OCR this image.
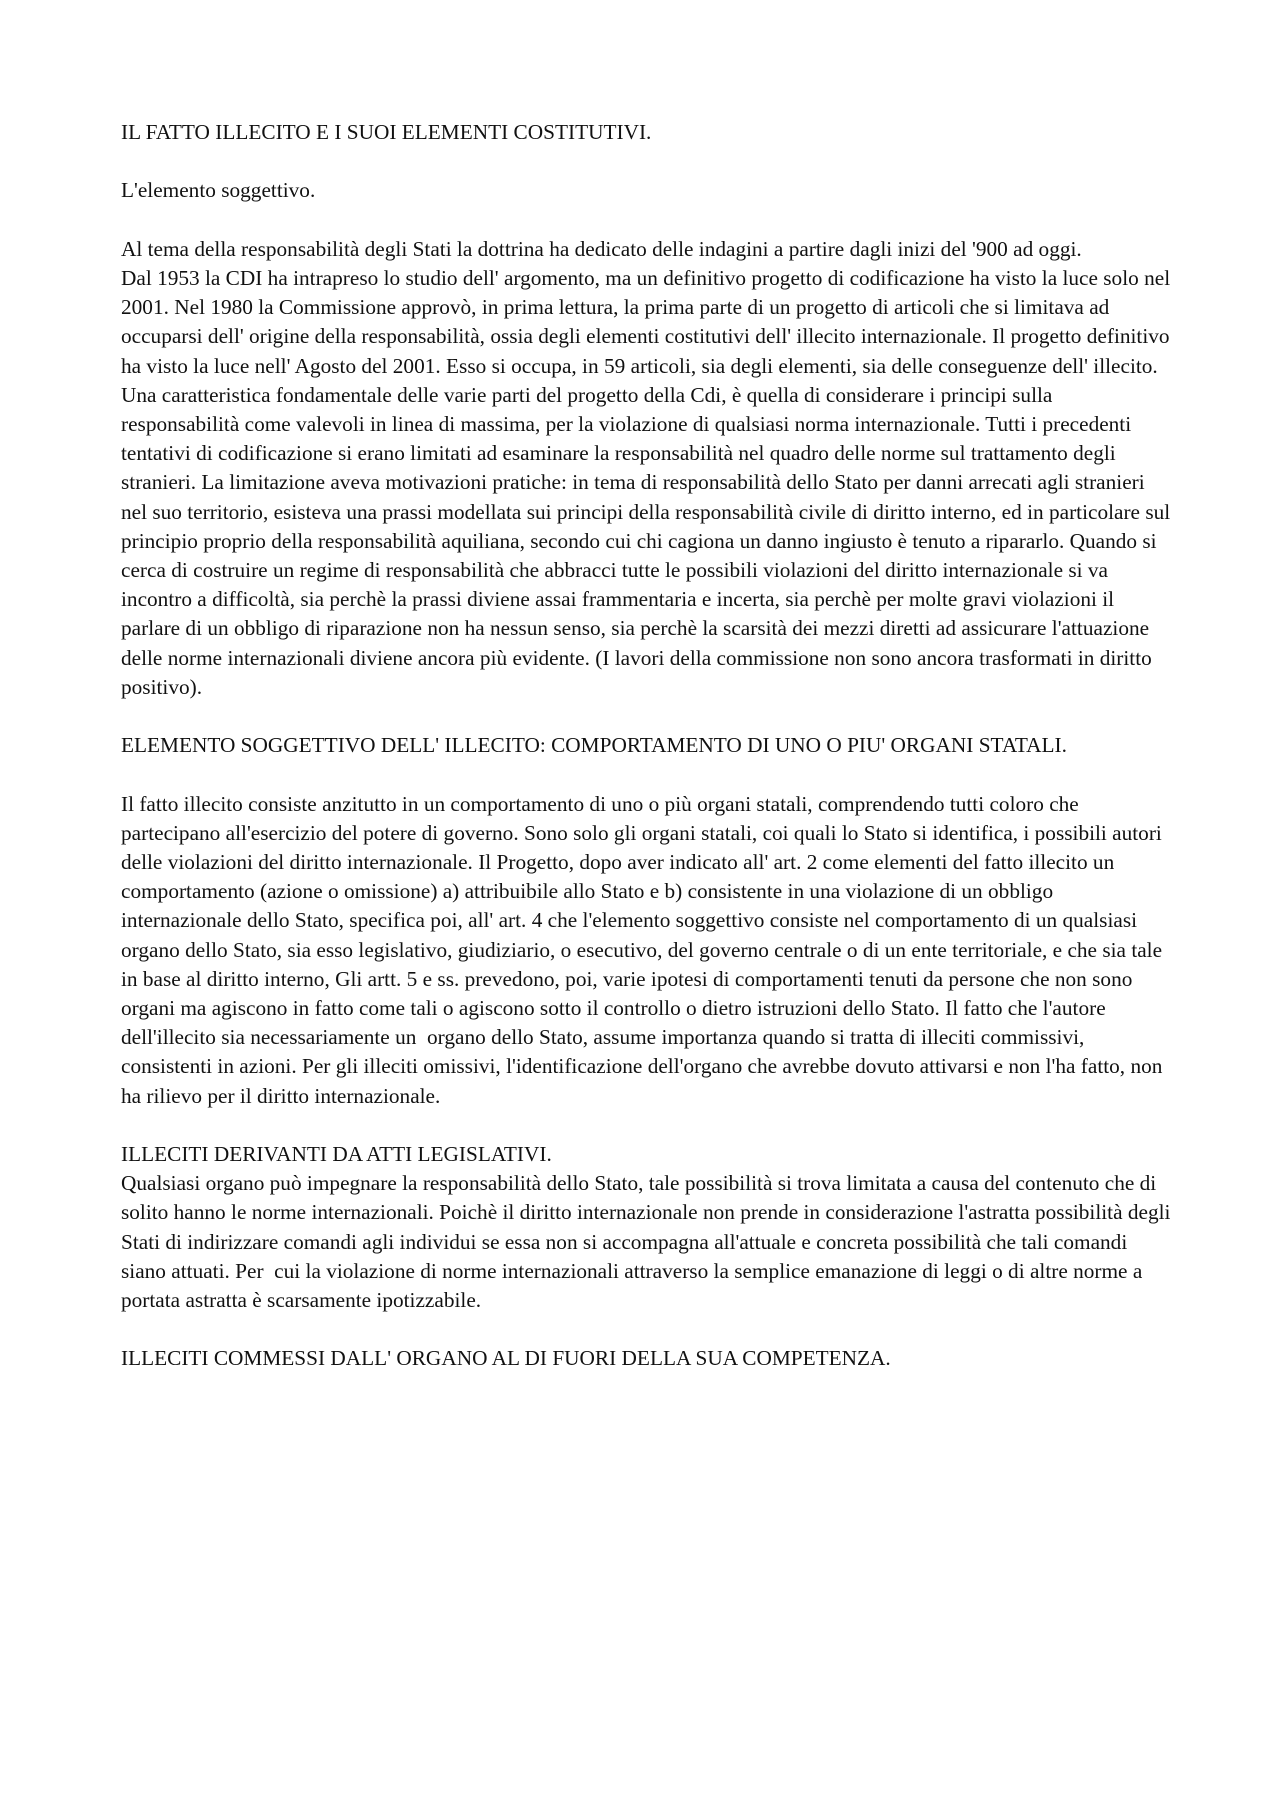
IL FATTO ILLECITO E I SUOI ELEMENTI COSTITUTIVI.

L'elemento soggettivo.

Al tema della responsabilità degli Stati la dottrina ha dedicato delle indagini a partire dagli inizi del '900 ad oggi.

Dal 1953 la CDI ha intrapreso lo studio dell' argomento, ma un definitivo progetto di codificazione ha visto la luce solo nel 2001. Nel 1980 la Commissione approvò, in prima lettura, la prima parte di un progetto di articoli che si limitava ad occuparsi dell' origine della responsabilità, ossia degli elementi costitutivi dell' illecito internazionale. Il progetto definitivo ha visto la luce nell' Agosto del 2001. Esso si occupa, in 59 articoli, sia degli elementi, sia delle conseguenze dell' illecito. Una caratteristica fondamentale delle varie parti del progetto della Cdi, è quella di considerare i principi sulla responsabilità come valevoli in linea di massima, per la violazione di qualsiasi norma internazionale. Tutti i precedenti tentativi di codificazione si erano limitati ad esaminare la responsabilità nel quadro delle norme sul trattamento degli stranieri. La limitazione aveva motivazioni pratiche: in tema di responsabilità dello Stato per danni arrecati agli stranieri nel suo territorio, esisteva una prassi modellata sui principi della responsabilità civile di diritto interno, ed in particolare sul principio proprio della responsabilità aquiliana, secondo cui chi cagiona un danno ingiusto è tenuto a ripararlo. Quando si cerca di costruire un regime di responsabilità che abbracci tutte le possibili violazioni del diritto internazionale si va incontro a difficoltà, sia perchè la prassi diviene assai frammentaria e incerta, sia perchè per molte gravi violazioni il parlare di un obbligo di riparazione non ha nessun senso, sia perchè la scarsità dei mezzi diretti ad assicurare l'attuazione delle norme internazionali diviene ancora più evidente. (I lavori della commissione non sono ancora trasformati in diritto positivo).

ELEMENTO SOGGETTIVO DELL' ILLECITO: COMPORTAMENTO DI UNO O PIU' ORGANI STATALI.

Il fatto illecito consiste anzitutto in un comportamento di uno o più organi statali, comprendendo tutti coloro che partecipano all'esercizio del potere di governo. Sono solo gli organi statali, coi quali lo Stato si identifica, i possibili autori delle violazioni del diritto internazionale. Il Progetto, dopo aver indicato all' art. 2 come elementi del fatto illecito un comportamento (azione o omissione) a) attribuibile allo Stato e b) consistente in una violazione di un obbligo internazionale dello Stato, specifica poi, all' art. 4 che l'elemento soggettivo consiste nel comportamento di un qualsiasi organo dello Stato, sia esso legislativo, giudiziario, o esecutivo, del governo centrale o di un ente territoriale, e che sia tale in base al diritto interno, Gli artt. 5 e ss. prevedono, poi, varie ipotesi di comportamenti tenuti da persone che non sono organi ma agiscono in fatto come tali o agiscono sotto il controllo o dietro istruzioni dello Stato. Il fatto che l'autore dell'illecito sia necessariamente un  organo dello Stato, assume importanza quando si tratta di illeciti commissivi, consistenti in azioni. Per gli illeciti omissivi, l'identificazione dell'organo che avrebbe dovuto attivarsi e non l'ha fatto, non ha rilievo per il diritto internazionale.

ILLECITI DERIVANTI DA ATTI LEGISLATIVI.

Qualsiasi organo può impegnare la responsabilità dello Stato, tale possibilità si trova limitata a causa del contenuto che di solito hanno le norme internazionali. Poichè il diritto internazionale non prende in considerazione l'astratta possibilità degli Stati di indirizzare comandi agli individui se essa non si accompagna all'attuale e concreta possibilità che tali comandi siano attuati. Per  cui la violazione di norme internazionali attraverso la semplice emanazione di leggi o di altre norme a portata astratta è scarsamente ipotizzabile.

ILLECITI COMMESSI DALL' ORGANO AL DI FUORI DELLA SUA COMPETENZA.
